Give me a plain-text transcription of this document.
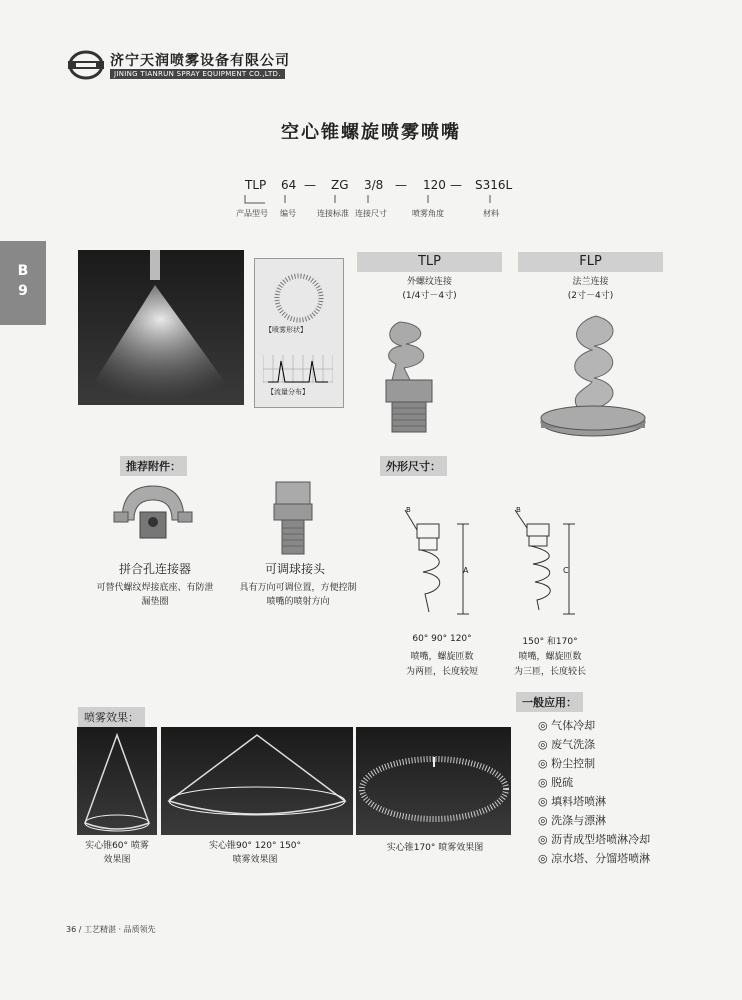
济宁天润喷雾设备有限公司
JINING TIANRUN SPRAY EQUIPMENT CO.,LTD.
空心锥螺旋喷雾喷嘴
TLP 64 — ZG 3/8 — 120 — S316L
产品型号 编号	连接标准 连接尺寸	喷雾角度	材料
B
9
【喷雾形状】
【流量分布】
TLP
外螺纹连接
(1/4寸－4寸)
FLP
法兰连接
(2寸－4寸)
推荐附件：
拼合孔连接器
可替代螺纹焊接底座、有防泄
漏垫圈
可调球接头
具有万向可调位置，方便控制
喷嘴的喷射方向
外形尺寸：
B
A
60° 90° 120°
喷嘴，螺旋匝数
为两匝，长度较短
B
C
150° 和170°
喷嘴，螺旋匝数
为三匝，长度较长
一般应用：
◎ 气体冷却
◎ 废气洗涤
◎ 粉尘控制
◎ 脱硫
◎ 填料塔喷淋
◎ 洗涤与漂淋
◎ 沥青成型塔喷淋冷却
◎ 凉水塔、分馏塔喷淋
喷雾效果：
实心锥60° 喷雾
效果图
实心锥90° 120° 150°
喷雾效果图
实心锥170° 喷雾效果图
36 / 工艺精湛 · 品质领先
